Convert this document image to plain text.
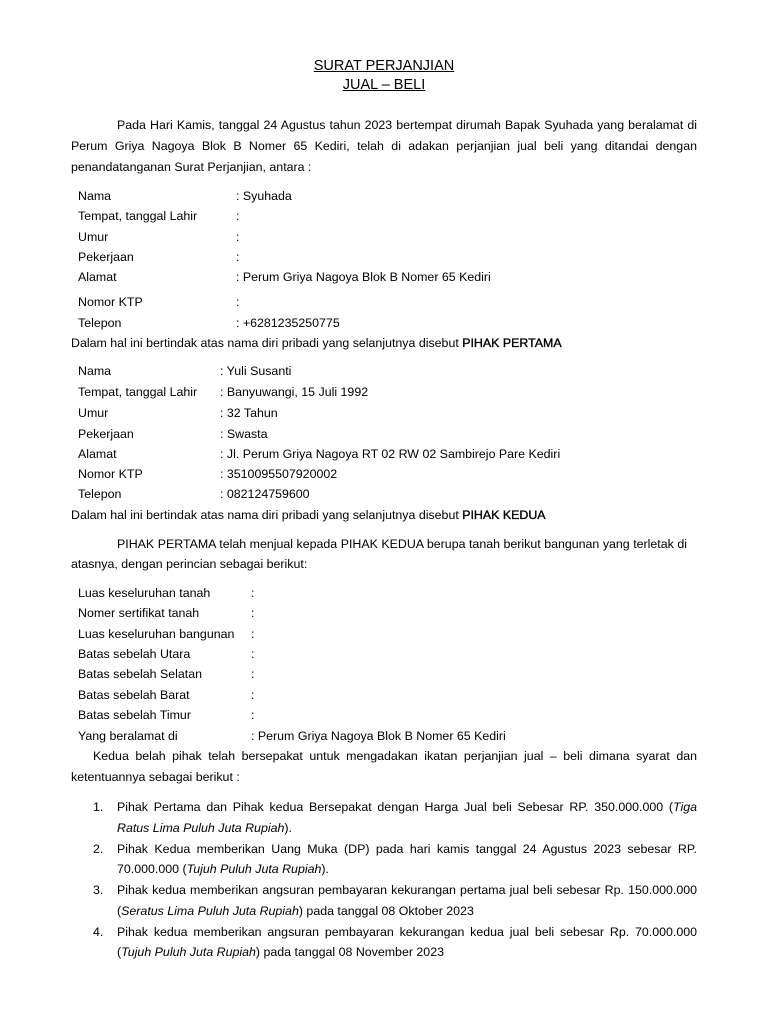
SURAT PERJANJIAN
JUAL – BELI
Pada Hari Kamis, tanggal 24 Agustus tahun 2023 bertempat dirumah Bapak Syuhada yang beralamat di
Perum Griya Nagoya Blok B Nomer 65 Kediri, telah di adakan perjanjian jual beli yang ditandai dengan
penandatanganan Surat Perjanjian, antara :
Nama	: Syuhada
Tempat, tanggal Lahir	:
Umur	:
Pekerjaan	:
Alamat	: Perum Griya Nagoya Blok B Nomer 65 Kediri
Nomor KTP	:
Telepon	: +6281235250775
Dalam hal ini bertindak atas nama diri pribadi yang selanjutnya disebut PIHAK PERTAMA
Nama	: Yuli Susanti
Tempat, tanggal Lahir : Banyuwangi, 15 Juli 1992
Umur	: 32 Tahun
Pekerjaan	: Swasta
Alamat	: Jl. Perum Griya Nagoya RT 02 RW 02 Sambirejo Pare Kediri
Nomor KTP	: 3510095507920002
Telepon	: 082124759600
Dalam hal ini bertindak atas nama diri pribadi yang selanjutnya disebut PIHAK KEDUA
PIHAK PERTAMA telah menjual kepada PIHAK KEDUA berupa tanah berikut bangunan yang terletak di
atasnya, dengan perincian sebagai berikut:
Luas keseluruhan tanah	:
Nomer sertifikat tanah	:
Luas keseluruhan bangunan :
Batas sebelah Utara	:
Batas sebelah Selatan	:
Batas sebelah Barat	:
Batas sebelah Timur	:
Yang beralamat di	: Perum Griya Nagoya Blok B Nomer 65 Kediri
Kedua belah pihak telah bersepakat untuk mengadakan ikatan perjanjian jual – beli dimana syarat dan
ketentuannya sebagai berikut :
1. Pihak Pertama dan Pihak kedua Bersepakat dengan Harga Jual beli Sebesar RP. 350.000.000 (Tiga
Ratus Lima Puluh Juta Rupiah).
2. Pihak Kedua memberikan Uang Muka (DP) pada hari kamis tanggal 24 Agustus 2023 sebesar RP.
70.000.000 (Tujuh Puluh Juta Rupiah).
3. Pihak kedua memberikan angsuran pembayaran kekurangan pertama jual beli sebesar Rp. 150.000.000
(Seratus Lima Puluh Juta Rupiah) pada tanggal 08 Oktober 2023
4. Pihak kedua memberikan angsuran pembayaran kekurangan kedua jual beli sebesar Rp. 70.000.000
(Tujuh Puluh Juta Rupiah) pada tanggal 08 November 2023
